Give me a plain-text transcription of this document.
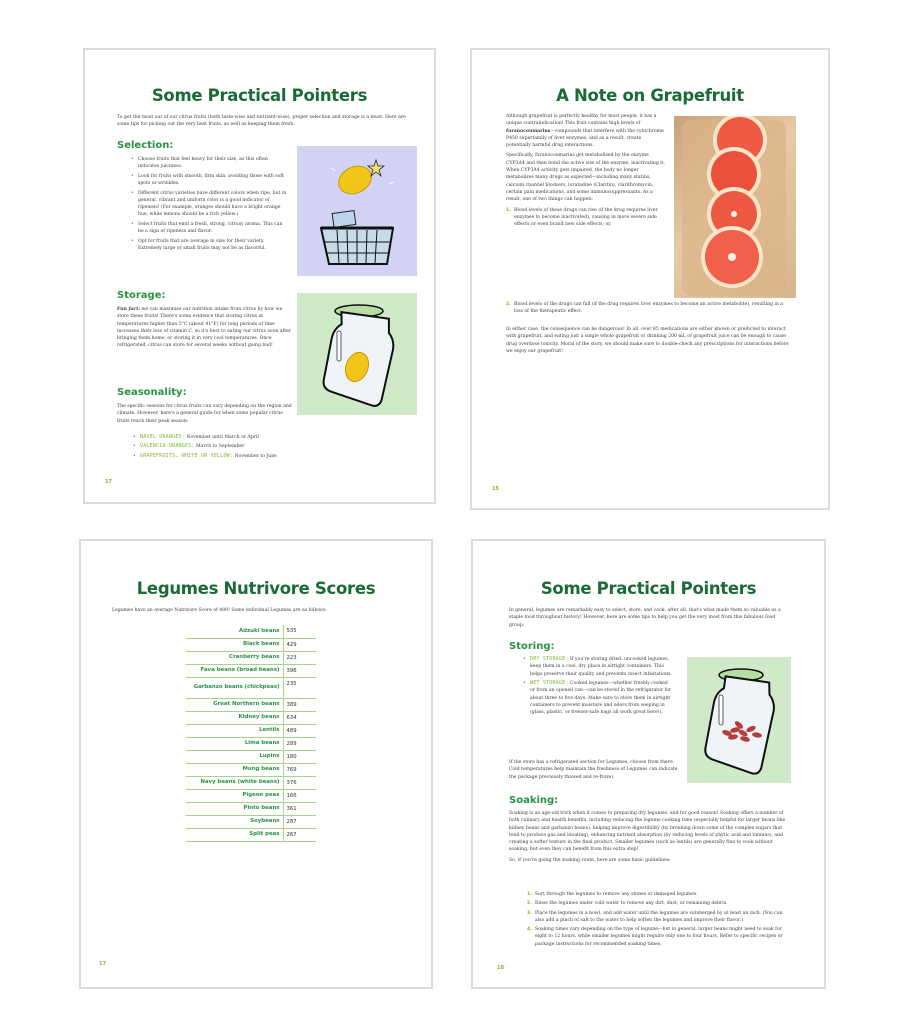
Some Practical Pointers
To get the most out of our citrus fruits (both taste-wise and nutrient-wise), proper selection and storage is a must. Here are some tips for picking out the very best fruits, as well as keeping them fresh.
Selection:
• Choose fruits that feel heavy for their size, as this often indicates juiciness.
• Look for fruits with smooth, firm skin, avoiding those with soft spots or wrinkles.
• Different citrus varieties have different colors when ripe, but in general, vibrant and uniform color is a good indicator of ripeness! (For example, oranges should have a bright orange hue, while lemons should be a rich yellow.)
• Select fruits that emit a fresh, strong, citrusy aroma. This can be a sign of ripeness and flavor.
• Opt for fruits that are average in size for their variety. Extremely large or small fruits may not be as flavorful.
Storage:
Fun fact: we can maximize our nutrition intake from citrus by how we store these fruits! There's some evidence that storing citrus at temperatures higher than 5°C (about 41°F) for long periods of time increases their loss of vitamin C, so it's best to eating our citrus soon after bringing them home, or storing it in very cool temperatures. Once refrigerated, citrus can store for several weeks without going bad!
Seasonality:
The specific seasons for citrus fruits can vary depending on the region and climate. However, here's a general guide for when some popular citrus fruits reach their peak season:
• NAVEL ORANGES: November until March or April
• VALENCIA ORANGES: March to September
• GRAPEFRUITS, WHITE OR YELLOW: November to June
17
A Note on Grapefruit

Although grapefruit is perfectly healthy for most people, it has a unique contraindication! This fruit contains high levels of furanocoumarins—compounds that interfere with the cytochrome P450 superfamily of liver enzymes, and as a result, create potentially harmful drug interactions.

Specifically, furanocoumarins get metabolized by the enzyme CYP3A4 and then bond the active site of the enzyme, inactivating it. When CYP3A4 activity gets impaired, the body no longer metabolizes many drugs as expected—including many statins, calcium channel blockers, loratadine (Claritin), clarithromycin, certain pain medications, and some immunosuppressants. As a result, one of two things can happen:

1. Blood levels of these drugs can rise (if the drug requires liver enzymes to become inactivated), causing in more severe side effects or even brand new side effects; or,
2. Blood levels of the drugs can fall (if the drug requires liver enzymes to become an active metabolite), resulting in a loss of the therapeutic effect.
In either case, the consequence can be dangerous! In all, over 85 medications are either known or predicted to interact with grapefruit, and eating just a single whole grapefruit or drinking 200 mL of grapefruit juice can be enough to cause drug overdose toxicity. Moral of the story, we should make sure to double-check any prescriptions for interactions before we enjoy our grapefruit!
15
Legumes Nutrivore Scores
Legumes have an average Nutrivore Score of 489! Some individual Legumes are as follows:
Adzuki beans	535
Black beans	429
Cranberry beans	223
Fava beans (broad beans)	396
Garbanzo beans (chickpeas)	235
Great Northern beans	389
Kidney beans	634
Lentils	489
Lima beans	289
Lupins	180
Mung beans	769
Navy beans (white beans)	376
Pigeon peas	166
Pinto beans	361
Soybeans	287
Split peas	267
17
Some Practical Pointers
In general, legumes are remarkably easy to select, store, and cook; after all, that's what made them so valuable as a staple food throughout history! However, here are some tips to help you get the very most from this fabulous food group.
Storing:
• DRY STORAGE: If you're storing dried, uncooked legumes, keep them in a cool, dry place in airtight containers. This helps preserve their quality and prevents insect infestations.
• WET STORAGE: Cooked legumes—whether freshly cooked or from an opened can—can be stored in the refrigerator for about three to five days. Make sure to store them in airtight containers to prevent moisture and odors from seeping in (glass, plastic, or freezer-safe bags all work great here!).
If the store has a refrigerated section for Legumes, choose from there. Cold temperatures help maintain the freshness of Legumes can indicate the package previously thawed and re-froze).
Soaking:

Soaking is an age-old trick when it comes to preparing dry legumes, and for good reason! Soaking offers a number of both culinary and health benefits, including reducing the legume cooking time (especially helpful for larger beans like kidney beans and garbanzo beans), helping improve digestibility (by breaking down some of the complex sugars that tend to produce gas and bloating), enhancing nutrient absorption (by reducing levels of phytic acid and tannins), and creating a softer texture in the final product. Smaller legumes (such as lentils) are generally fine to cook without soaking, but even they can benefit from this extra step!

So, if you're going the soaking route, here are some basic guidelines:

1. Sort through the legumes to remove any stones or damaged legumes.
2. Rinse the legumes under cold water to remove any dirt, dust, or remaining debris.
3. Place the legumes in a bowl, and add water until the legumes are submerged by at least an inch. (You can also add a pinch of salt to the water to help soften the legumes and improve their flavor.)
4. Soaking times vary depending on the type of legume—but in general, larger beans might need to soak for eight to 12 hours, while smaller legumes might require only one to four hours. Refer to specific recipes or package instructions for recommended soaking times.
18
